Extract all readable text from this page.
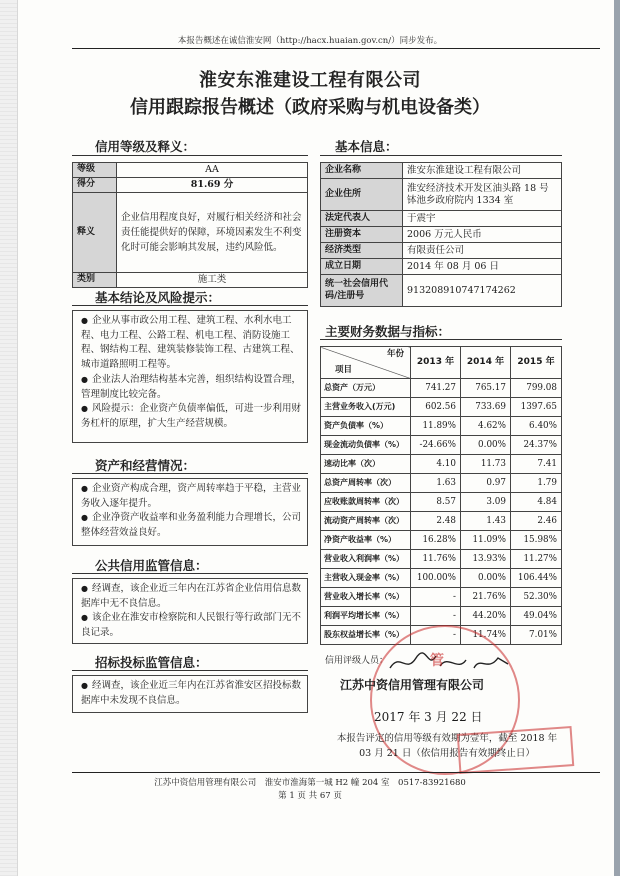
本报告概述在诚信淮安网（http://hacx.huaian.gov.cn/）同步发布。
淮安东淮建设工程有限公司
信用跟踪报告概述（政府采购与机电设备类）
信用等级及释义：
等级	AA
得分	81.69 分
释义	企业信用程度良好，对履行相关经济和社会责任能提供好的保障，环境因素发生不利变化时可能会影响其发展，违约风险低。
类别	施工类
基本结论及风险提示：

● 企业从事市政公用工程、建筑工程、水利水电工程、电力工程、公路工程、机电工程、消防设施工程、钢结构工程、建筑装修装饰工程、古建筑工程、城市道路照明工程等。

● 企业法人治理结构基本完善，组织结构设置合理，管理制度比较完备。

● 风险提示：企业资产负债率偏低，可进一步利用财务杠杆的原理，扩大生产经营规模。

资产和经营情况：

● 企业资产构成合理，资产周转率趋于平稳，主营业务收入逐年提升。

● 企业净资产收益率和业务盈利能力合理增长，公司整体经营效益良好。

公共信用监管信息：

● 经调查，该企业近三年内在江苏省企业信用信息数据库中无不良信息。

● 该企业在淮安市检察院和人民银行等行政部门无不良记录。

招标投标监管信息：

● 经调查，该企业近三年内在江苏省淮安区招投标数据库中未发现不良信息。

基本信息：
企业名称	淮安东淮建设工程有限公司
企业住所	淮安经济技术开发区油头路 18 号钵池乡政府院内 1334 室
法定代表人	于震宇
注册资本	2006 万元人民币
经济类型	有限责任公司
成立日期	2014 年 08 月 06 日
统一社会信用代码/注册号	913208910747174262
主要财务数据与指标：
年份
项目	2013 年	2014 年	2015 年
总资产（万元）	741.27	765.17	799.08
主营业务收入(万元)	602.56	733.69	1397.65
资产负债率（%）	11.89%	4.62%	6.40%
现金流动负债率（%）	-24.66%	0.00%	24.37%
速动比率（次）	4.10	11.73	7.41
总资产周转率（次）	1.63	0.97	1.79
应收账款周转率（次）	8.57	3.09	4.84
流动资产周转率（次）	2.48	1.43	2.46
净资产收益率（%）	16.28%	11.09%	15.98%
营业收入利润率（%）	11.76%	13.93%	11.27%
主营收入现金率（%）	100.00%	0.00%	106.44%
营业收入增长率（%）	-	21.76%	52.30%
利润平均增长率（%）	-	44.20%	49.04%
股东权益增长率（%）	-	11.74%	7.01%
信用评级人员：	管
江苏中资信用管理有限公司
2017 年 3 月 22 日
本报告评定的信用等级有效期为壹年，截至 2018 年 03 月 21 日（依信用报告有效期终止日）
江苏中资信用管理有限公司　淮安市淮海第一城 H2 幢 204 室　0517-83921680
第 1 页 共 67 页
